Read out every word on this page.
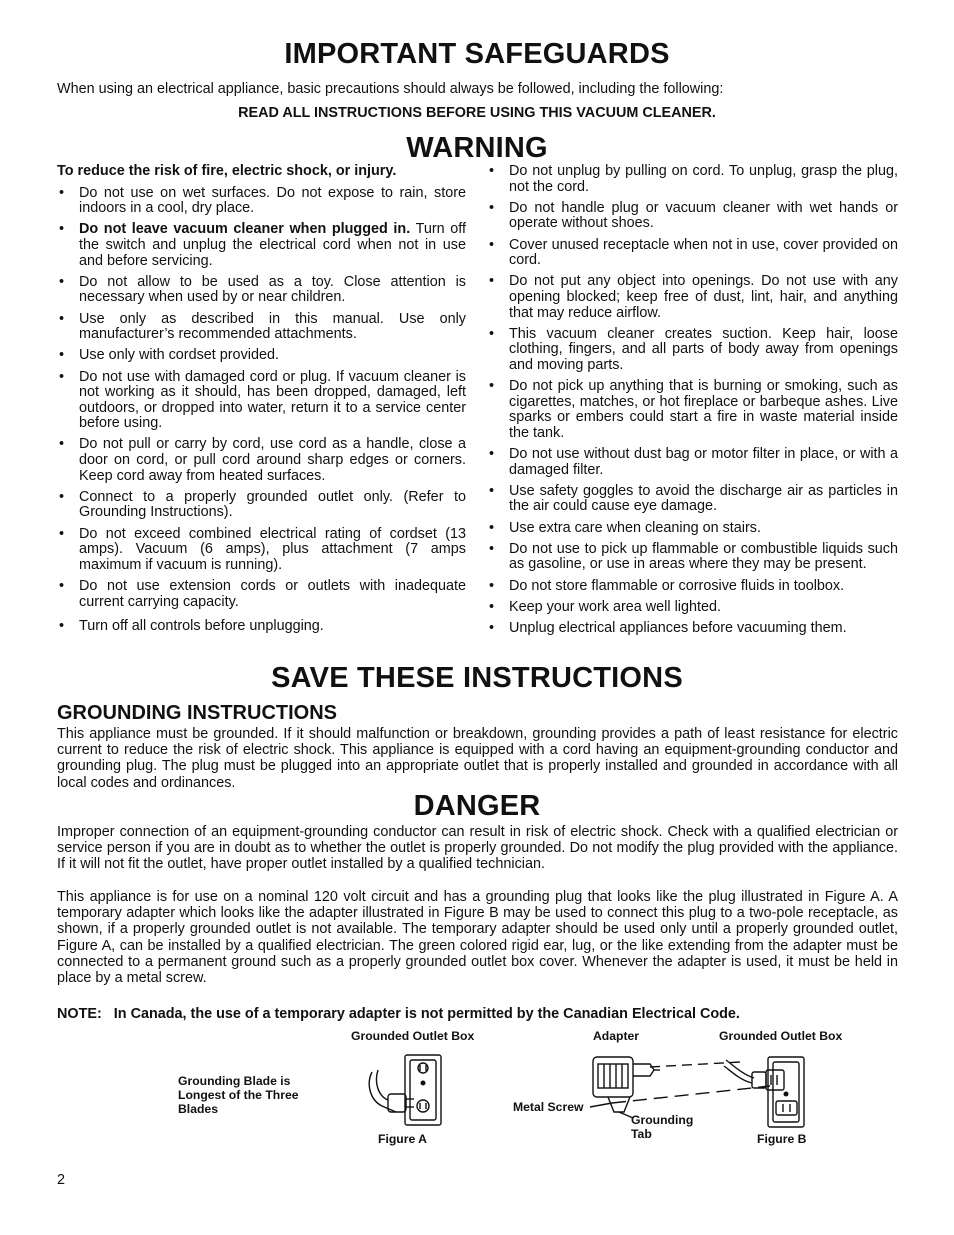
IMPORTANT SAFEGUARDS

When using an electrical appliance, basic precautions should always be followed, including the following:

READ ALL INSTRUCTIONS BEFORE USING THIS VACUUM CLEANER.

WARNING
To reduce the risk of fire, electric shock, or injury.
• Do not use on wet surfaces. Do not expose to rain, store indoors in a cool, dry place.
• Do not leave vacuum cleaner when plugged in. Turn off the switch and unplug the electrical cord when not in use and before servicing.
• Do not allow to be used as a toy. Close attention is necessary when used by or near children.
• Use only as described in this manual. Use only manufacturer’s recommended attachments.
• Use only with cordset provided.
• Do not use with damaged cord or plug. If vacuum cleaner is not working as it should, has been dropped, damaged, left outdoors, or dropped into water, return it to a service center before using.
• Do not pull or carry by cord, use cord as a handle, close a door on cord, or pull cord around sharp edges or corners. Keep cord away from heated surfaces.
• Connect to a properly grounded outlet only. (Refer to Grounding Instructions).
• Do not exceed combined electrical rating of cordset (13 amps). Vacuum (6 amps), plus attachment (7 amps maximum if vacuum is running).
• Do not use extension cords or outlets with inadequate current carrying capacity.
• Turn off all controls before unplugging.
• Do not unplug by pulling on cord. To unplug, grasp the plug, not the cord.
• Do not handle plug or vacuum cleaner with wet hands or operate without shoes.
• Cover unused receptacle when not in use, cover provided on cord.
• Do not put any object into openings. Do not use with any opening blocked; keep free of dust, lint, hair, and anything that may reduce airflow.
• This vacuum cleaner creates suction. Keep hair, loose clothing, fingers, and all parts of body away from openings and moving parts.
• Do not pick up anything that is burning or smoking, such as cigarettes, matches, or hot fireplace or barbeque ashes. Live sparks or embers could start a fire in waste material inside the tank.
• Do not use without dust bag or motor filter in place, or with a damaged filter.
• Use safety goggles to avoid the discharge air as particles in the air could cause eye damage.
• Use extra care when cleaning on stairs.
• Do not use to pick up flammable or combustible liquids such as gasoline, or use in areas where they may be present.
• Do not store flammable or corrosive fluids in toolbox.
• Keep your work area well lighted.
• Unplug electrical appliances before vacuuming them.
SAVE THESE INSTRUCTIONS
GROUNDING INSTRUCTIONS

This appliance must be grounded. If it should malfunction or breakdown, grounding provides a path of least resistance for electric current to reduce the risk of electric shock. This appliance is equipped with a cord having an equipment-grounding conductor and grounding plug. The plug must be plugged into an appropriate outlet that is properly installed and grounded in accordance with all local codes and ordinances.

DANGER

Improper connection of an equipment-grounding conductor can result in risk of electric shock. Check with a qualified electrician or service person if you are in doubt as to whether the outlet is properly grounded. Do not modify the plug provided with the appliance. If it will not fit the outlet, have proper outlet installed by a qualified technician.

This appliance is for use on a nominal 120 volt circuit and has a grounding plug that looks like the plug illustrated in Figure A. A temporary adapter which looks like the adapter illustrated in Figure B may be used to connect this plug to a two-pole receptacle, as shown, if a properly grounded outlet is not available. The temporary adapter should be used only until a properly grounded outlet, Figure A, can be installed by a qualified electrician. The green colored rigid ear, lug, or the like extending from the adapter must be connected to a permanent ground such as a properly grounded outlet box cover. Whenever the adapter is used, it must be held in place by a metal screw.

NOTE: In Canada, the use of a temporary adapter is not permitted by the Canadian Electrical Code.

Grounded Outlet Box

Grounding Blade is Longest of the Three Blades

Figure A

Adapter	Grounded Outlet Box

Metal Screw

Grounding Tab	Figure B

2
